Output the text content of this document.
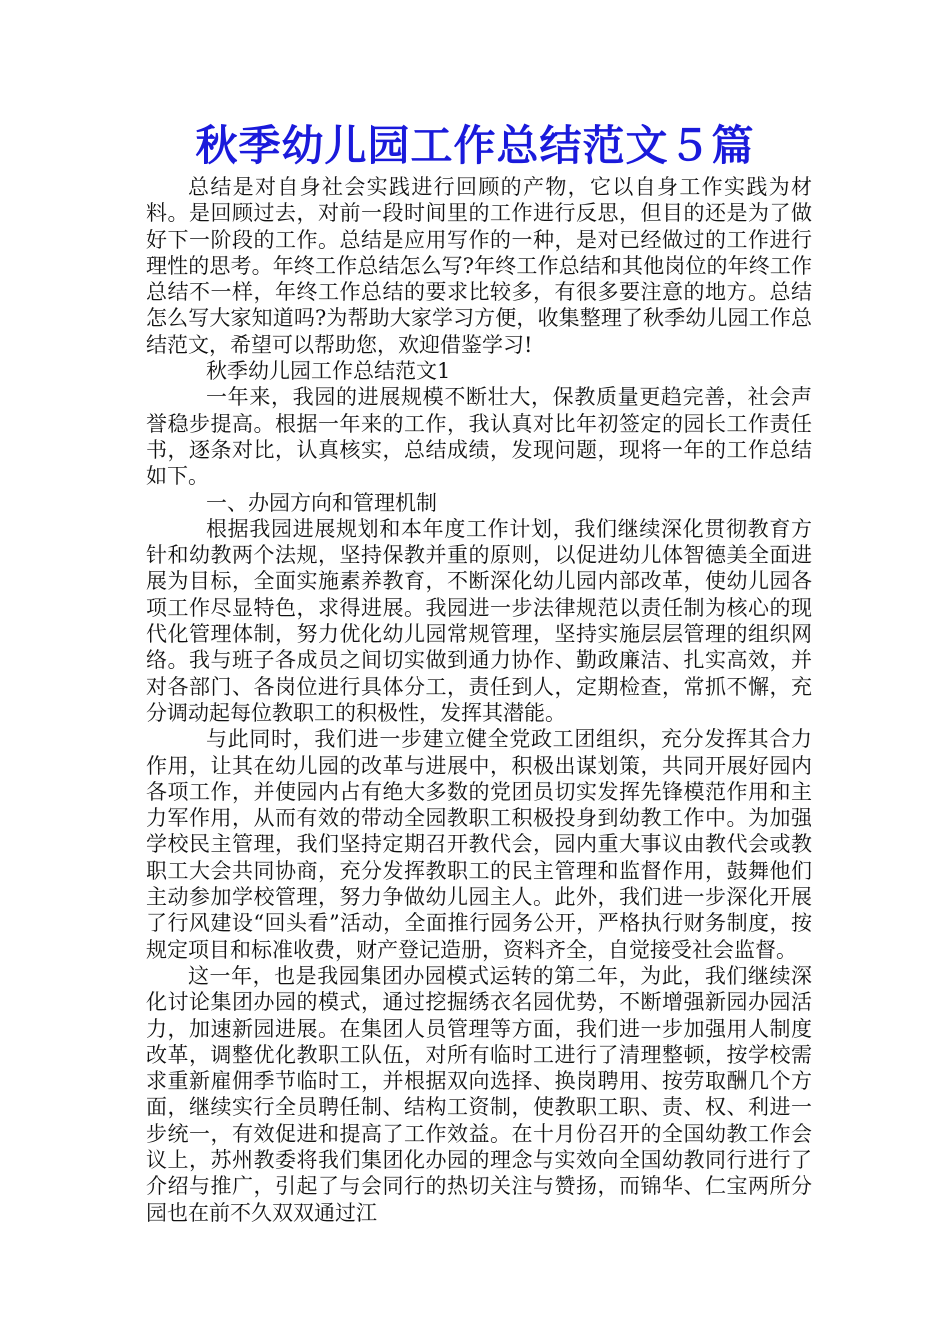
秋季幼儿园工作总结范文５篇

总结是对自身社会实践进行回顾的产物，它以自身工作实践为材料。是回顾过去，对前一段时间里的工作进行反思，但目的还是为了做好下一阶段的工作。总结是应用写作的一种，是对已经做过的工作进行理性的思考。年终工作总结怎么写?年终工作总结和其他岗位的年终工作总结不一样，年终工作总结的要求比较多，有很多要注意的地方。总结怎么写大家知道吗?为帮助大家学习方便，收集整理了秋季幼儿园工作总结范文，希望可以帮助您，欢迎借鉴学习!

秋季幼儿园工作总结范文1

一年来，我园的进展规模不断壮大，保教质量更趋完善，社会声誉稳步提高。根据一年来的工作，我认真对比年初签定的园长工作责任书，逐条对比，认真核实，总结成绩，发现问题，现将一年的工作总结如下。

一、办园方向和管理机制

根据我园进展规划和本年度工作计划，我们继续深化贯彻教育方针和幼教两个法规，坚持保教并重的原则，以促进幼儿体智德美全面进展为目标，全面实施素养教育，不断深化幼儿园内部改革，使幼儿园各项工作尽显特色，求得进展。我园进一步法律规范以责任制为核心的现代化管理体制，努力优化幼儿园常规管理，坚持实施层层管理的组织网络。我与班子各成员之间切实做到通力协作、勤政廉洁、扎实高效，并对各部门、各岗位进行具体分工，责任到人，定期检查，常抓不懈，充分调动起每位教职工的积极性，发挥其潜能。

与此同时，我们进一步建立健全党政工团组织，充分发挥其合力作用，让其在幼儿园的改革与进展中，积极出谋划策，共同开展好园内各项工作，并使园内占有绝大多数的党团员切实发挥先锋模范作用和主力军作用，从而有效的带动全园教职工积极投身到幼教工作中。为加强学校民主管理，我们坚持定期召开教代会，园内重大事议由教代会或教职工大会共同协商，充分发挥教职工的民主管理和监督作用，鼓舞他们主动参加学校管理，努力争做幼儿园主人。此外，我们进一步深化开展了行风建设“回头看”活动，全面推行园务公开，严格执行财务制度，按规定项目和标准收费，财产登记造册，资料齐全，自觉接受社会监督。

这一年，也是我园集团办园模式运转的第二年，为此，我们继续深化讨论集团办园的模式，通过挖掘绣衣名园优势，不断增强新园办园活力，加速新园进展。在集团人员管理等方面，我们进一步加强用人制度改革，调整优化教职工队伍，对所有临时工进行了清理整顿，按学校需求重新雇佣季节临时工，并根据双向选择、换岗聘用、按劳取酬几个方面，继续实行全员聘任制、结构工资制，使教职工职、责、权、利进一步统一，有效促进和提高了工作效益。在十月份召开的全国幼教工作会议上，苏州教委将我们集团化办园的理念与实效向全国幼教同行进行了介绍与推广，引起了与会同行的热切关注与赞扬，而锦华、仁宝两所分园也在前不久双双通过江
